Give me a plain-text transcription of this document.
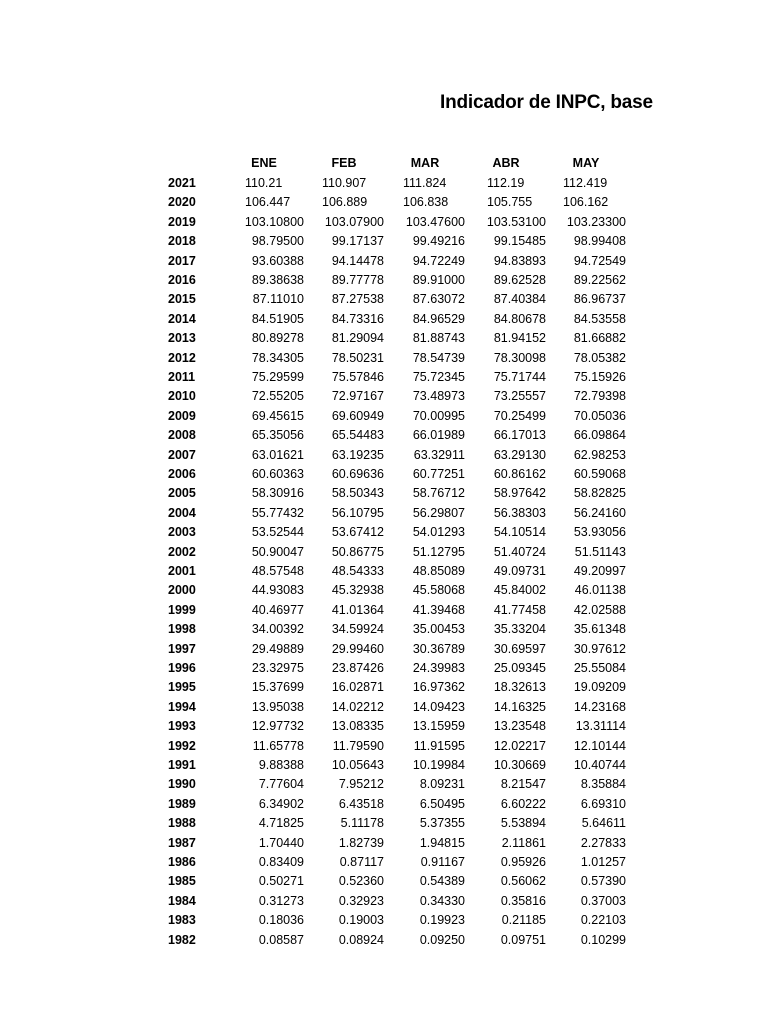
Indicador de INPC, base
ENE	FEB	MAR	ABR	MAY
2021	110.21	110.907	111.824	112.19	112.419
2020	106.447	106.889	106.838	105.755	106.162
2019	103.10800	103.07900	103.47600	103.53100	103.23300
2018	98.79500	99.17137	99.49216	99.15485	98.99408
2017	93.60388	94.14478	94.72249	94.83893	94.72549
2016	89.38638	89.77778	89.91000	89.62528	89.22562
2015	87.11010	87.27538	87.63072	87.40384	86.96737
2014	84.51905	84.73316	84.96529	84.80678	84.53558
2013	80.89278	81.29094	81.88743	81.94152	81.66882
2012	78.34305	78.50231	78.54739	78.30098	78.05382
2011	75.29599	75.57846	75.72345	75.71744	75.15926
2010	72.55205	72.97167	73.48973	73.25557	72.79398
2009	69.45615	69.60949	70.00995	70.25499	70.05036
2008	65.35056	65.54483	66.01989	66.17013	66.09864
2007	63.01621	63.19235	63.32911	63.29130	62.98253
2006	60.60363	60.69636	60.77251	60.86162	60.59068
2005	58.30916	58.50343	58.76712	58.97642	58.82825
2004	55.77432	56.10795	56.29807	56.38303	56.24160
2003	53.52544	53.67412	54.01293	54.10514	53.93056
2002	50.90047	50.86775	51.12795	51.40724	51.51143
2001	48.57548	48.54333	48.85089	49.09731	49.20997
2000	44.93083	45.32938	45.58068	45.84002	46.01138
1999	40.46977	41.01364	41.39468	41.77458	42.02588
1998	34.00392	34.59924	35.00453	35.33204	35.61348
1997	29.49889	29.99460	30.36789	30.69597	30.97612
1996	23.32975	23.87426	24.39983	25.09345	25.55084
1995	15.37699	16.02871	16.97362	18.32613	19.09209
1994	13.95038	14.02212	14.09423	14.16325	14.23168
1993	12.97732	13.08335	13.15959	13.23548	13.31114
1992	11.65778	11.79590	11.91595	12.02217	12.10144
1991	9.88388	10.05643	10.19984	10.30669	10.40744
1990	7.77604	7.95212	8.09231	8.21547	8.35884
1989	6.34902	6.43518	6.50495	6.60222	6.69310
1988	4.71825	5.11178	5.37355	5.53894	5.64611
1987	1.70440	1.82739	1.94815	2.11861	2.27833
1986	0.83409	0.87117	0.91167	0.95926	1.01257
1985	0.50271	0.52360	0.54389	0.56062	0.57390
1984	0.31273	0.32923	0.34330	0.35816	0.37003
1983	0.18036	0.19003	0.19923	0.21185	0.22103
1982	0.08587	0.08924	0.09250	0.09751	0.10299
